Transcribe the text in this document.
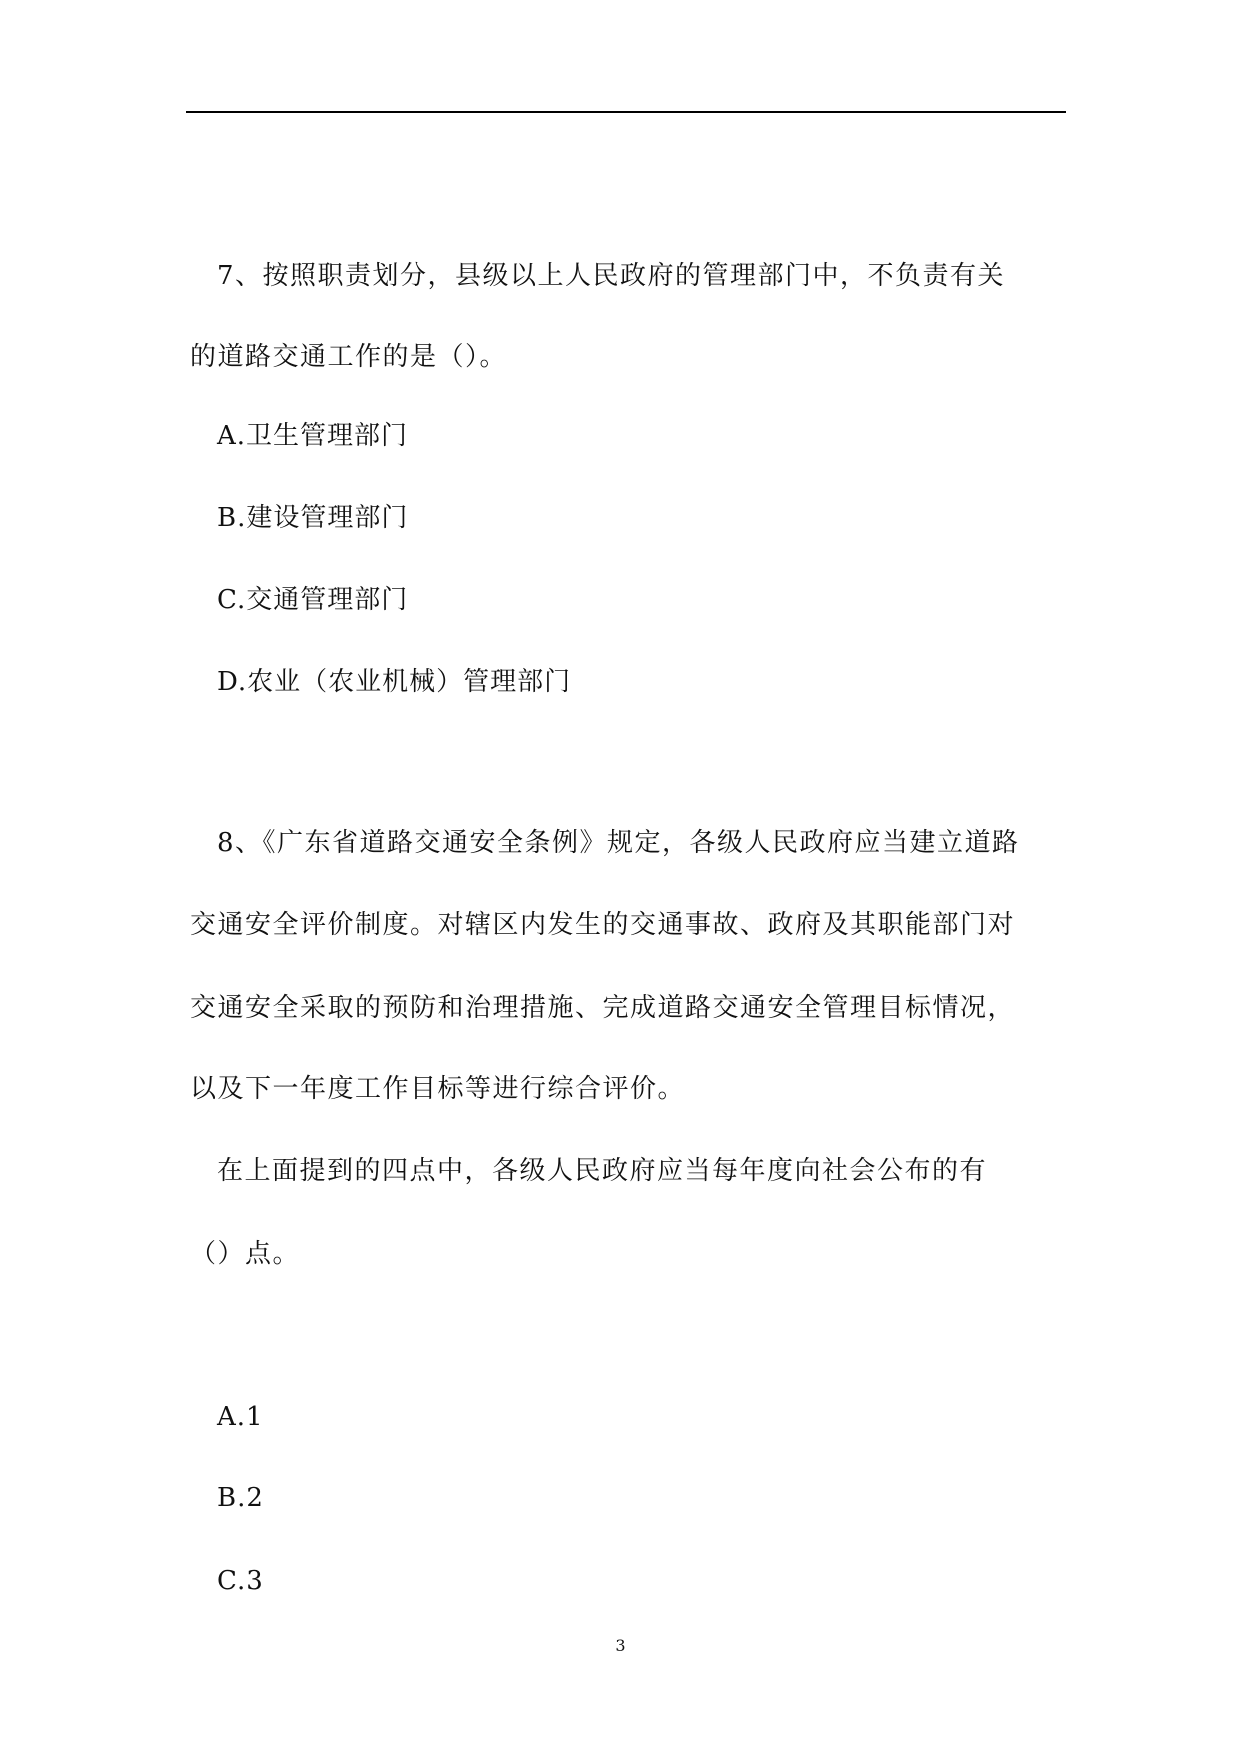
7、按照职责划分，县级以上人民政府的管理部门中，不负责有关
的道路交通工作的是（）。
A.卫生管理部门
B.建设管理部门
C.交通管理部门
D.农业（农业机械）管理部门
8、《广东省道路交通安全条例》规定，各级人民政府应当建立道路
交通安全评价制度。对辖区内发生的交通事故、政府及其职能部门对
交通安全采取的预防和治理措施、完成道路交通安全管理目标情况，
以及下一年度工作目标等进行综合评价。
在上面提到的四点中，各级人民政府应当每年度向社会公布的有
（）点。
A.1
B.2
C.3
3
